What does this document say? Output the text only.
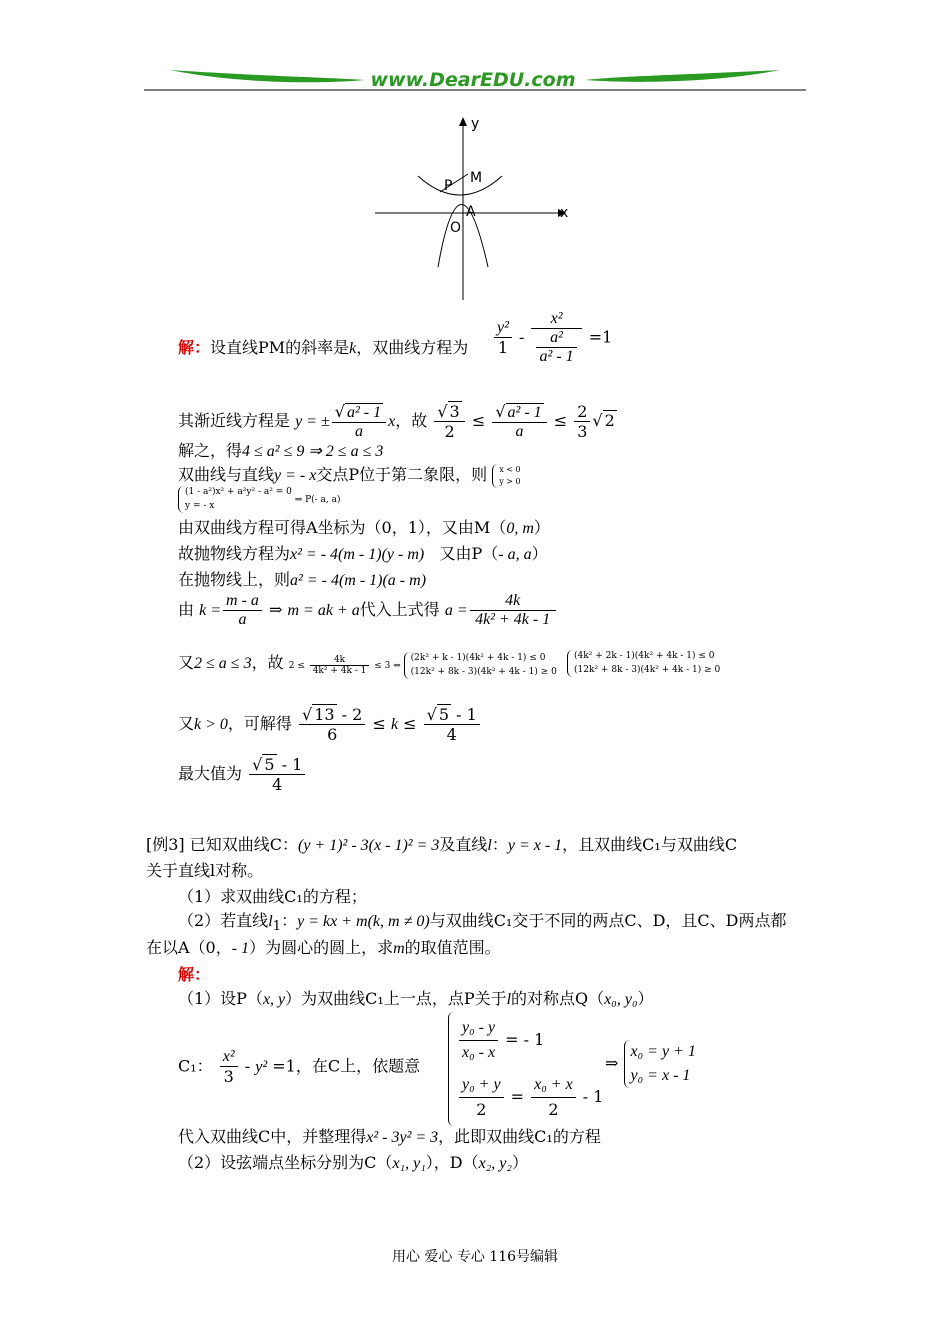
www.DearEDU.com
y
x
M
P
A
O
解：设直线PM的斜率是k，双曲线方程为 $\frac{\text{y²}}{1} - \frac{\text{x²}}{\frac{\text{a²}}{\text{a² - 1}}} =1$
其渐近线方程是 y = ± $\frac{\text{√ a² - 1}}{a}$ x，故 $\frac{√ 3}{2} \le \frac{\text{√ a² - 1}}{a} \le \frac{2}{3}$ √ 2
解之，得4 ≤ a² ≤ 9 ⇒ 2 ≤ a ≤ 3
双曲线与直线y = - x交点P位于第二象限，则 x < 0
y > 0
(1 - a²)x² + a²y² - a² = 0
y = - x
⇒ P(- a, a)
由双曲线方程可得A坐标为（0，1），又由M（0, m）
故抛物线方程为x² = - 4(m - 1)(y - m) 又由P（- a, a）
在抛物线上，则a² = - 4(m - 1)(a - m)
由 $k = \frac{m - a}{a}$ ⇒ m = ak + a代入上式得 $a = \frac{4k}{\text{4k² + 4k - 1}}$
又2 ≤ a ≤ 3，故 $2 \le \frac{4k}{\text{4k² + 4k - 1}} \le 3$ ⇔
(2k² + k - 1)(4k² + 4k - 1) ≤ 0
(12k² + 8k - 3)(4k² + 4k - 1) ≥ 0

(4k² + 2k - 1)(4k² + 4k - 1) ≤ 0
(12k² + 8k - 3)(4k² + 4k - 1) ≥ 0
又k > 0，可解得 $\frac{√ 13 - 2}{6} \le k \le \frac{√ 5 - 1}{4}$
最大值为 $\frac{√ 5 - 1}{4}$
[例3] 已知双曲线C：(y + 1)² - 3(x - 1)² = 3及直线l：y = x - 1，且双曲线C₁与双曲线C
关于直线l对称。
（1）求双曲线C₁的方程；
（2）若直线$l_1$：y = kx + m(k, m ≠ 0)与双曲线C₁交于不同的两点C、D，且C、D两点都
在以A（0，- 1）为圆心的圆上，求m的取值范围。
解：
（1）设P（x, y）为双曲线C₁上一点，点P关于l的对称点Q（x₀, y₀）
C₁： $\frac{\text{x²}}{3} - y^2 =1$，在C上，依题意
$\frac{\text{y₀ - y}}{\text{x₀ - x}}$ = - 1
$\frac{\text{y₀ + y}}{2} = \frac{\text{x₀ + x}}{2} - 1$
⇒
x₀ = y + 1
y₀ = x - 1
代入双曲线C中，并整理得x² - 3y² = 3，此即双曲线C₁的方程
（2）设弦端点坐标分别为C（x₁, y₁），D（x₂, y₂）
用心 爱心 专心 116号编辑
